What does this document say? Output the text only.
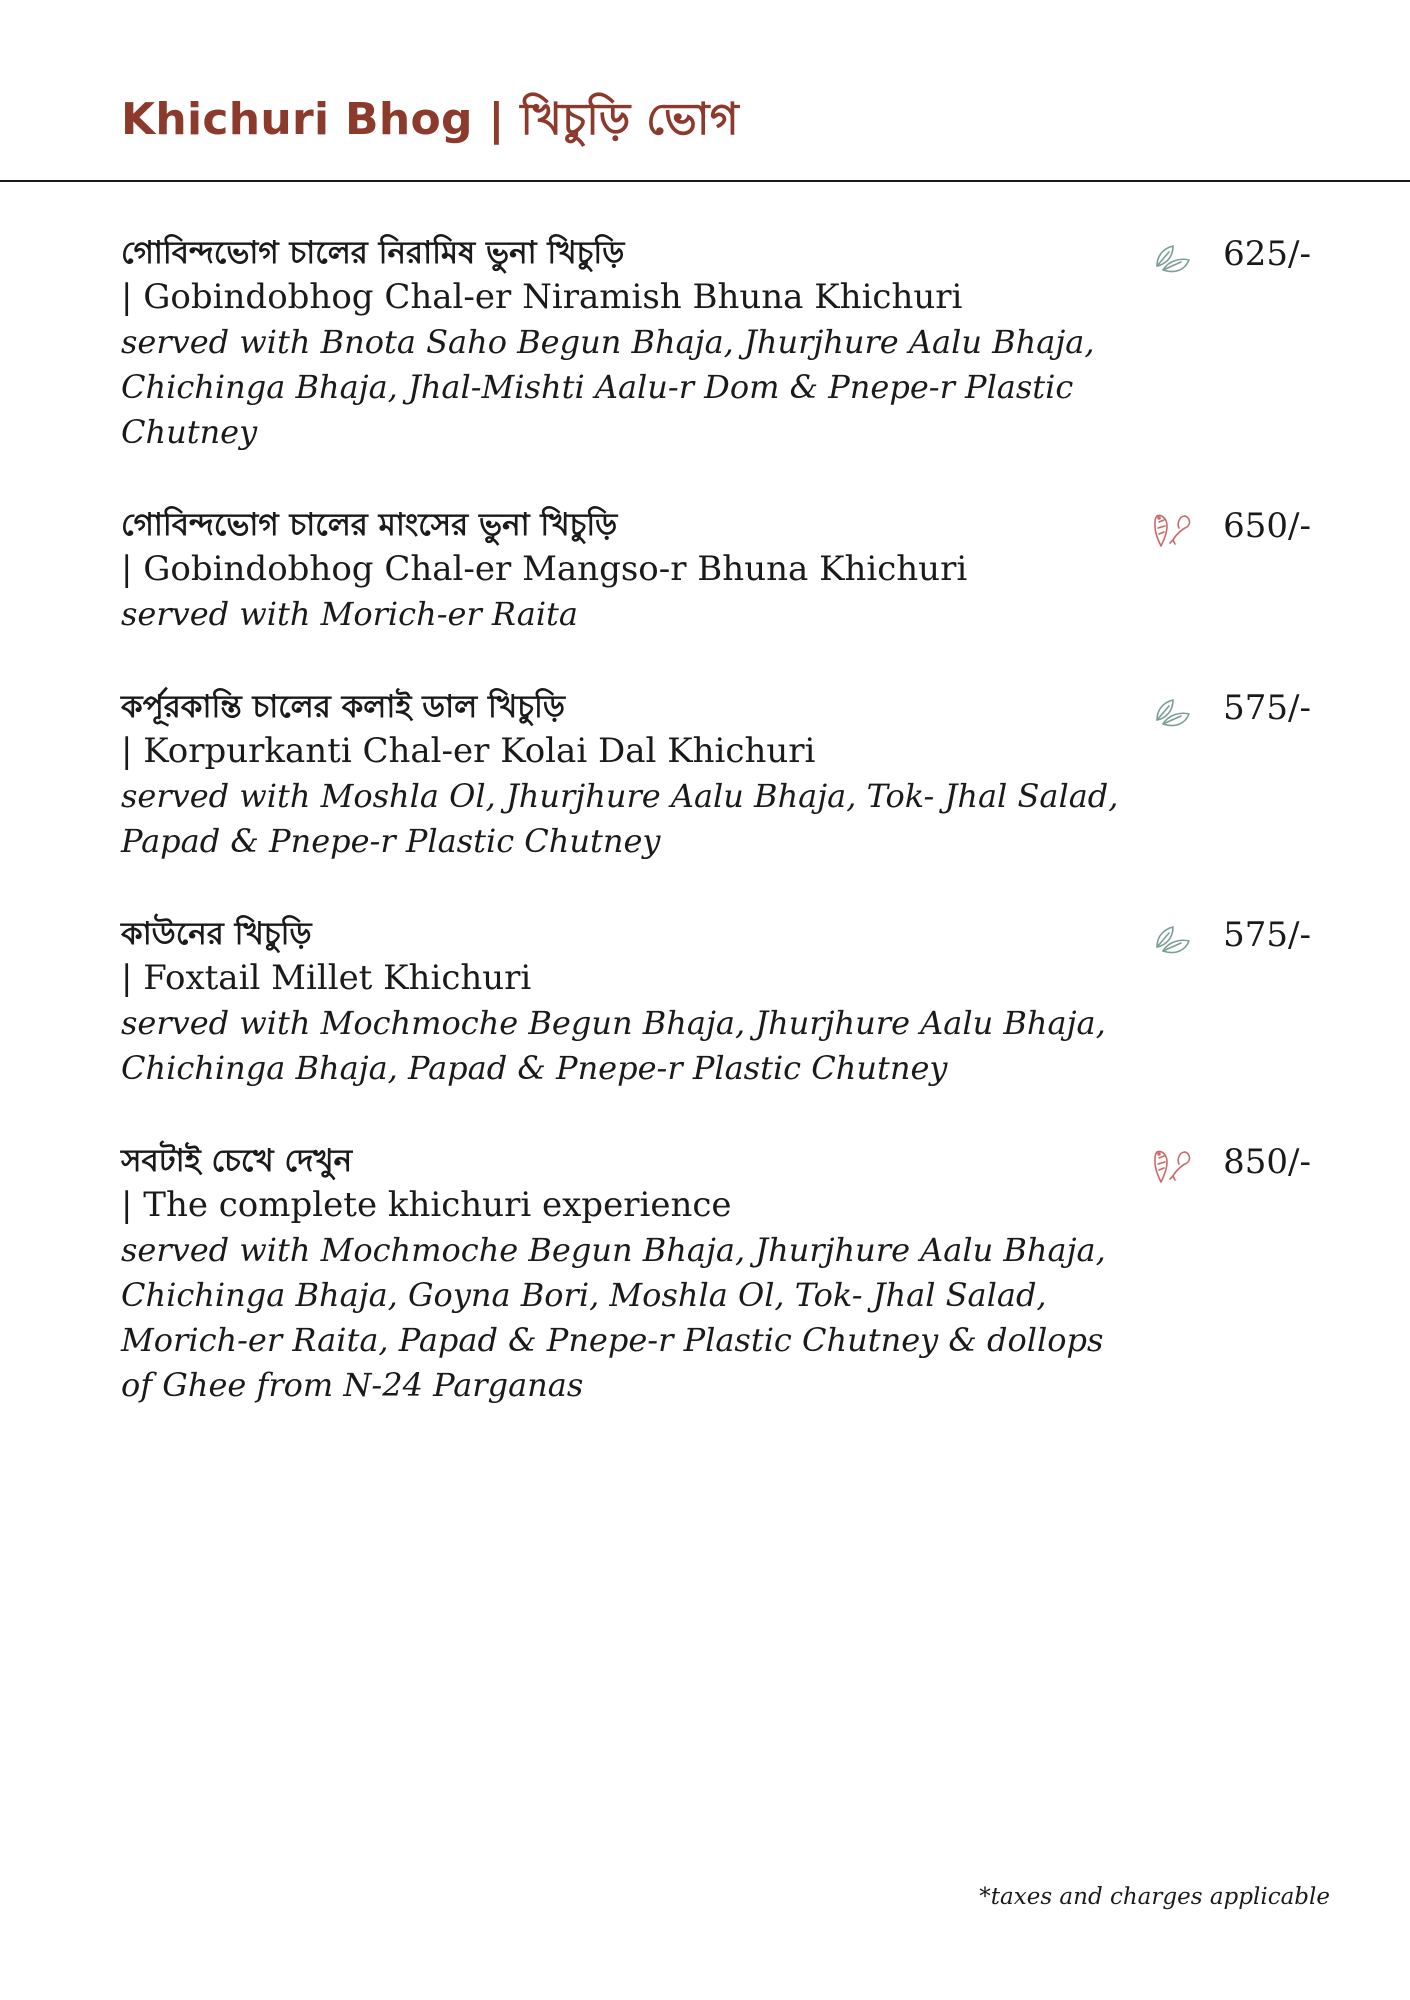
Khichuri Bhog | খিচুড়ি ভোগ
গোবিন্দভোগ চালের নিরামিষ ভুনা খিচুড়ি
| Gobindobhog Chal-er Niramish Bhuna Khichuri

served with Bnota Saho Begun Bhaja, Jhurjhure Aalu Bhaja, Chichinga Bhaja, Jhal-Mishti Aalu-r Dom & Pnepe-r Plastic Chutney

625/-
গোবিন্দভোগ চালের মাংসের ভুনা খিচুড়ি
| Gobindobhog Chal-er Mangso-r Bhuna Khichuri

served with Morich-er Raita

650/-
কর্পূরকান্তি চালের কলাই ডাল খিচুড়ি
| Korpurkanti Chal-er Kolai Dal Khichuri

served with Moshla Ol, Jhurjhure Aalu Bhaja, Tok- Jhal Salad, Papad & Pnepe-r Plastic Chutney

575/-
কাউনের খিচুড়ি
| Foxtail Millet Khichuri

served with Mochmoche Begun Bhaja, Jhurjhure Aalu Bhaja, Chichinga Bhaja, Papad & Pnepe-r Plastic Chutney

575/-
সবটাই চেখে দেখুন
| The complete khichuri experience

served with Mochmoche Begun Bhaja, Jhurjhure Aalu Bhaja, Chichinga Bhaja, Goyna Bori, Moshla Ol, Tok- Jhal Salad, Morich-er Raita, Papad & Pnepe-r Plastic Chutney & dollops of Ghee from N-24 Parganas

850/-
*taxes and charges applicable
